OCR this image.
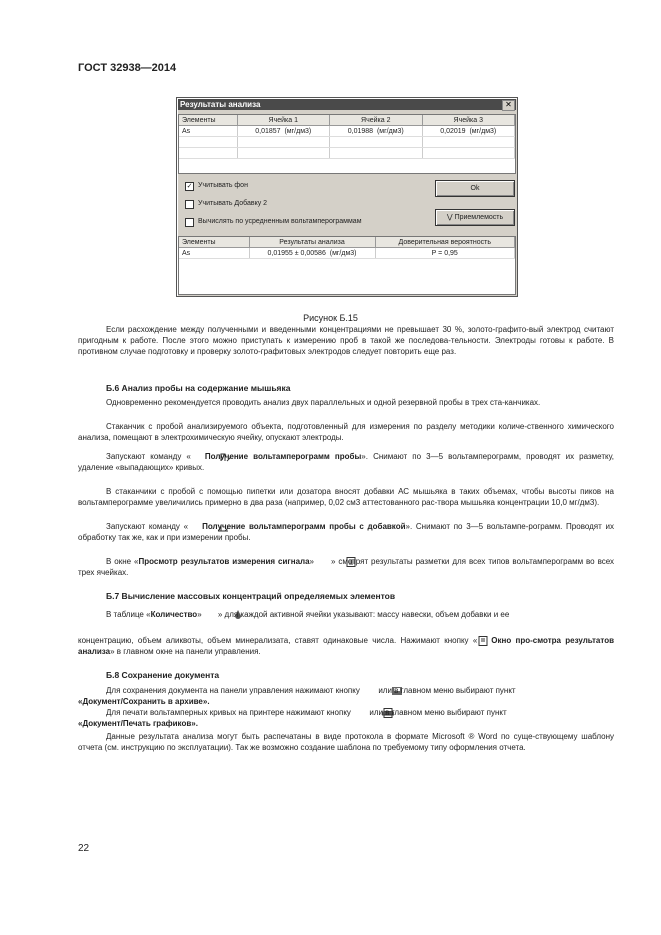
ГОСТ 32938—2014
Результаты анализа	✕
Элементы	Ячейка 1	Ячейка 2	Ячейка 3
As	0,01857 (мг/дм3)	0,01988 (мг/дм3)	0,02019 (мг/дм3)

✓ Учитывать фон
Учитывать Добавку 2
Вычислять по усредненным вольтамперограммам
Ok
⋁ Приемлемость
Элементы	Результаты анализа	Доверительная вероятность
As	0,01955 ± 0,00586 (мг/дм3)	P = 0,95
Рисунок Б.15
Если расхождение между полученными и введенными концентрациями не превышает 30 %, золото-графито-вый электрод считают пригодным к работе. После этого можно приступать к измерению проб в такой же последова-тельности. Электроды готовы к работе. В противном случае подготовку и проверку золото-графитовых электродов следует повторить еще раз.
Б.6 Анализ пробы на содержание мышьяка
Одновременно рекомендуется проводить анализ двух параллельных и одной резервной пробы в трех ста-канчиках.
Стаканчик с пробой анализируемого объекта, подготовленный для измерения по разделу методики количе-ственного химического анализа, помещают в электрохимическую ячейку, опускают электроды.
Запускают команду « Получение вольтамперограмм пробы». Снимают по 3—5 вольтамперограмм, проводят их разметку, удаление «выпадающих» кривых.
В стаканчики с пробой с помощью пипетки или дозатора вносят добавки АС мышьяка в таких объемах, чтобы высоты пиков на вольтамперограмме увеличились примерно в два раза (например, 0,02 см3 аттестованного рас-твора мышьяка концентрации 10,0 мг/дм3).
Запускают команду « Получение вольтамперограмм пробы с добавкой». Снимают по 3—5 вольтампе-рограмм. Проводят их обработку так же, как и при измерении пробы.
В окне «Просмотр результатов измерения сигнала» » смотрят результаты разметки для всех типов вольтамперограмм во всех трех ячейках.
Б.7 Вычисление массовых концентраций определяемых элементов
В таблице «Количество» » для каждой активной ячейки указывают: массу навески, объем добавки и ее
концентрацию, объем аликвоты, объем минерализата, ставят одинаковые числа. Нажимают кнопку « Окно про-смотра результатов анализа» в главном окне на панели управления.
Б.8 Сохранение документа
Для сохранения документа на панели управления нажимают кнопку или в главном меню выбирают пункт
«Документ/Сохранить в архиве».
Для печати вольтамперных кривых на принтере нажимают кнопку или в главном меню выбирают пункт
«Документ/Печать графиков».
Данные результата анализа могут быть распечатаны в виде протокола в формате Microsoft ® Word по суще-ствующему шаблону отчета (см. инструкцию по эксплуатации). Так же возможно создание шаблона по требуемому типу оформления отчета.
22
